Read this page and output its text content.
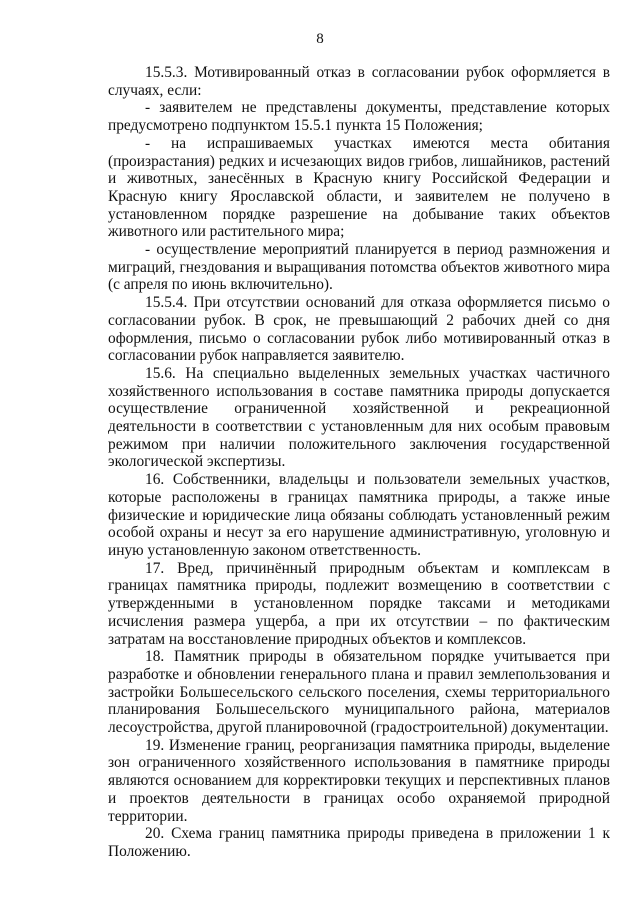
8

15.5.3. Мотивированный отказ в согласовании рубок оформляется в случаях, если:

- заявителем не представлены документы, представление которых предусмотрено подпунктом 15.5.1 пункта 15 Положения;

- на испрашиваемых участках имеются места обитания (произрастания) редких и исчезающих видов грибов, лишайников, растений и животных, занесённых в Красную книгу Российской Федерации и Красную книгу Ярославской области, и заявителем не получено в установленном порядке разрешение на добывание таких объектов животного или растительного мира;

- осуществление мероприятий планируется в период размножения и миграций, гнездования и выращивания потомства объектов животного мира (с апреля по июнь включительно).

15.5.4. При отсутствии оснований для отказа оформляется письмо о согласовании рубок. В срок, не превышающий 2 рабочих дней со дня оформления, письмо о согласовании рубок либо мотивированный отказ в согласовании рубок направляется заявителю.

15.6. На специально выделенных земельных участках частичного хозяйственного использования в составе памятника природы допускается осуществление ограниченной хозяйственной и рекреационной деятельности в соответствии с установленным для них особым правовым режимом при наличии положительного заключения государственной экологической экспертизы.

16. Собственники, владельцы и пользователи земельных участков, которые расположены в границах памятника природы, а также иные физические и юридические лица обязаны соблюдать установленный режим особой охраны и несут за его нарушение административную, уголовную и иную установленную законом ответственность.

17. Вред, причинённый природным объектам и комплексам в границах памятника природы, подлежит возмещению в соответствии с утвержденными в установленном порядке таксами и методиками исчисления размера ущерба, а при их отсутствии – по фактическим затратам на восстановление природных объектов и комплексов.

18. Памятник природы в обязательном порядке учитывается при разработке и обновлении генерального плана и правил землепользования и застройки Большесельского сельского поселения, схемы территориального планирования Большесельского муниципального района, материалов лесоустройства, другой планировочной (градостроительной) документации.

19. Изменение границ, реорганизация памятника природы, выделение зон ограниченного хозяйственного использования в памятнике природы являются основанием для корректировки текущих и перспективных планов и проектов деятельности в границах особо охраняемой природной территории.

20. Схема границ памятника природы приведена в приложении 1 к Положению.
